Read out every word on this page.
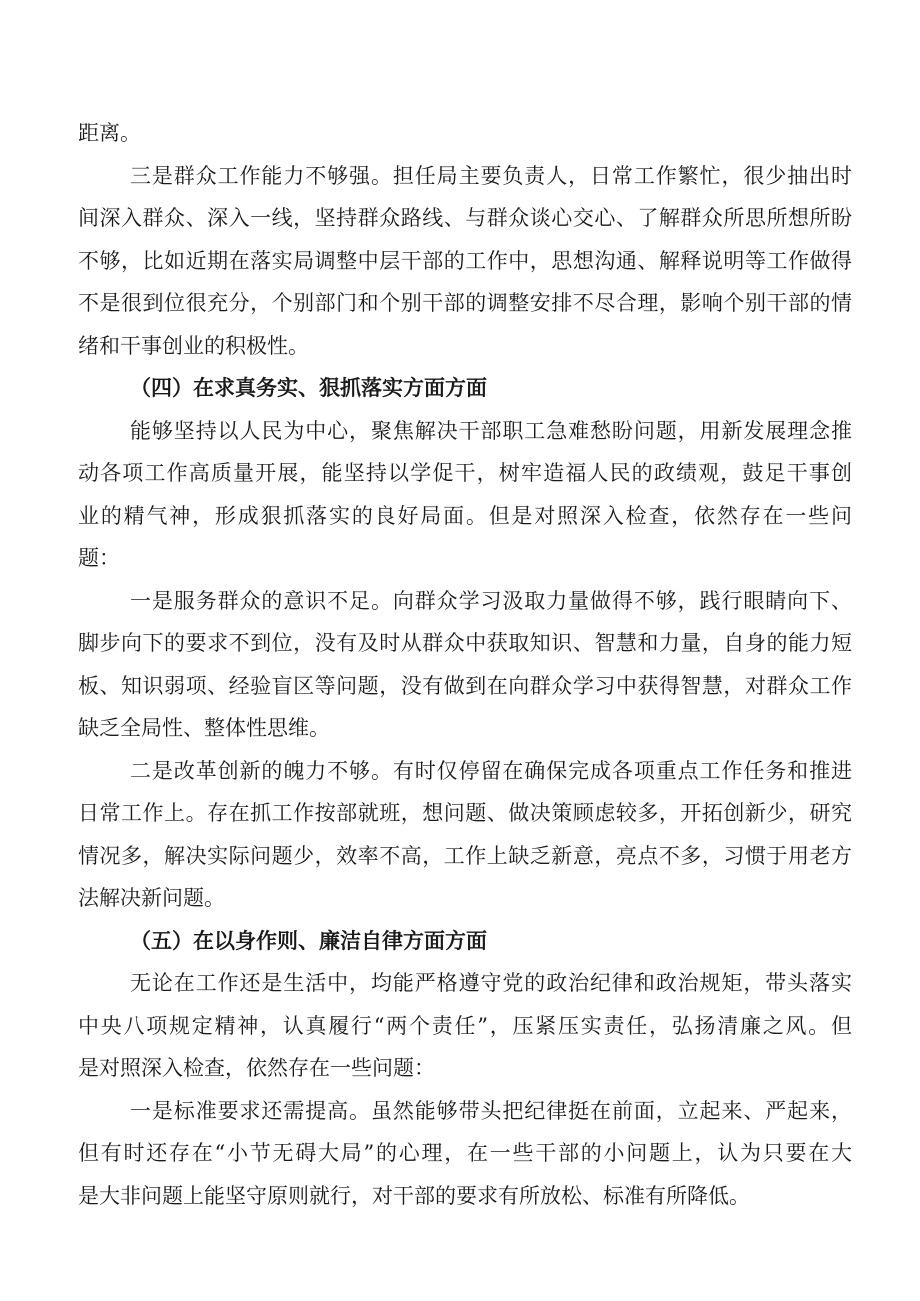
距离。
三是群众工作能力不够强。担任局主要负责人，日常工作繁忙，很少抽出时
间深入群众、深入一线，坚持群众路线、与群众谈心交心、了解群众所思所想所盼
不够，比如近期在落实局调整中层干部的工作中，思想沟通、解释说明等工作做得
不是很到位很充分，个别部门和个别干部的调整安排不尽合理，影响个别干部的情
绪和干事创业的积极性。
（四）在求真务实、狠抓落实方面方面
能够坚持以人民为中心，聚焦解决干部职工急难愁盼问题，用新发展理念推
动各项工作高质量开展，能坚持以学促干，树牢造福人民的政绩观，鼓足干事创
业的精气神，形成狠抓落实的良好局面。但是对照深入检查，依然存在一些问
题：
一是服务群众的意识不足。向群众学习汲取力量做得不够，践行眼睛向下、
脚步向下的要求不到位，没有及时从群众中获取知识、智慧和力量，自身的能力短
板、知识弱项、经验盲区等问题，没有做到在向群众学习中获得智慧，对群众工作
缺乏全局性、整体性思维。
二是改革创新的魄力不够。有时仅停留在确保完成各项重点工作任务和推进
日常工作上。存在抓工作按部就班，想问题、做决策顾虑较多，开拓创新少，研究
情况多，解决实际问题少，效率不高，工作上缺乏新意，亮点不多，习惯于用老方
法解决新问题。
（五）在以身作则、廉洁自律方面方面
无论在工作还是生活中，均能严格遵守党的政治纪律和政治规矩，带头落实
中央八项规定精神，认真履行“两个责任”，压紧压实责任，弘扬清廉之风。但
是对照深入检查，依然存在一些问题：
一是标准要求还需提高。虽然能够带头把纪律挺在前面，立起来、严起来，
但有时还存在“小节无碍大局”的心理，在一些干部的小问题上，认为只要在大
是大非问题上能坚守原则就行，对干部的要求有所放松、标准有所降低。
